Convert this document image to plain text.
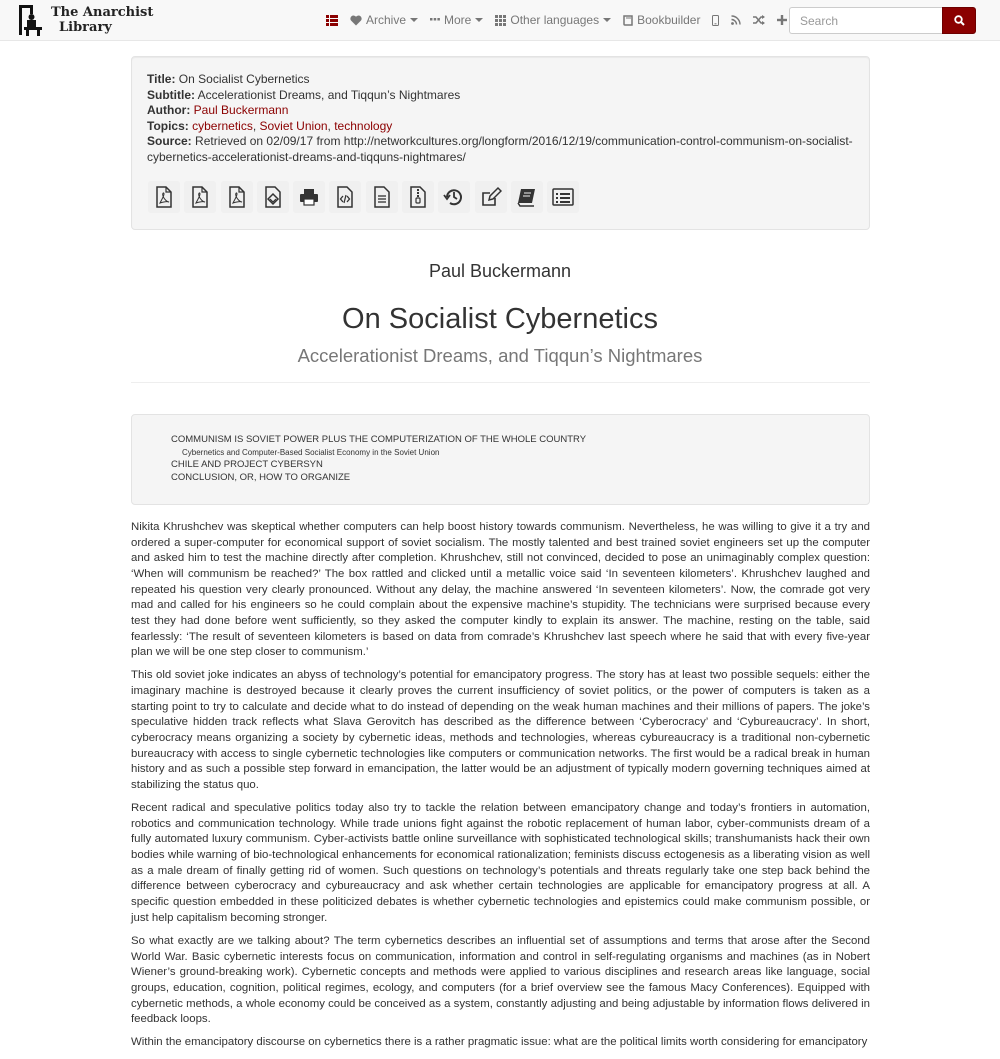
The Anarchist
Library	Archive	More	Other languages	Bookbuilder
Search
Title: On Socialist Cybernetics
Subtitle: Accelerationist Dreams, and Tiqqun’s Nightmares
Author: Paul Buckermann
Topics: cybernetics, Soviet Union, technology
Source: Retrieved on 02/09/17 from http://networkcultures.org/longform/2016/12/19/communication-control-communism-on-socialist-cybernetics-accelerationist-dreams-and-tiqquns-nightmares/
Paul Buckermann
On Socialist Cybernetics
Accelerationist Dreams, and Tiqqun’s Nightmares
COMMUNISM IS SOVIET POWER PLUS THE COMPUTERIZATION OF THE WHOLE COUNTRY
Cybernetics and Computer-Based Socialist Economy in the Soviet Union
CHILE AND PROJECT CYBERSYN
CONCLUSION, OR, HOW TO ORGANIZE

Nikita Khrushchev was skeptical whether computers can help boost history towards communism. Nevertheless, he was willing to give it a try and ordered a super-computer for economical support of soviet socialism. The mostly talented and best trained soviet engineers set up the computer and asked him to test the machine directly after completion. Khrushchev, still not convinced, decided to pose an unimaginably complex question: ‘When will communism be reached?’ The box rattled and clicked until a metallic voice said ‘In seventeen kilometers’. Khrushchev laughed and repeated his question very clearly pronounced. Without any delay, the machine answered ‘In seventeen kilometers’. Now, the comrade got very mad and called for his engineers so he could complain about the expensive machine’s stupidity. The technicians were surprised because every test they had done before went sufficiently, so they asked the computer kindly to explain its answer. The machine, resting on the table, said fearlessly: ‘The result of seventeen kilometers is based on data from comrade’s Khrushchev last speech where he said that with every five-year plan we will be one step closer to communism.’

This old soviet joke indicates an abyss of technology’s potential for emancipatory progress. The story has at least two possible sequels: either the imaginary machine is destroyed because it clearly proves the current insufficiency of soviet politics, or the power of computers is taken as a starting point to try to calculate and decide what to do instead of depending on the weak human machines and their millions of papers. The joke’s speculative hidden track reflects what Slava Gerovitch has described as the difference between ‘Cyberocracy’ and ‘Cybureaucracy’. In short, cyberocracy means organizing a society by cybernetic ideas, methods and technologies, whereas cybureaucracy is a traditional non-cybernetic bureaucracy with access to single cybernetic technologies like computers or communication networks. The first would be a radical break in human history and as such a possible step forward in emancipation, the latter would be an adjustment of typically modern governing techniques aimed at stabilizing the status quo.

Recent radical and speculative politics today also try to tackle the relation between emancipatory change and today’s frontiers in automation, robotics and communication technology. While trade unions fight against the robotic replacement of human labor, cyber-communists dream of a fully automated luxury communism. Cyber-activists battle online surveillance with sophisticated technological skills; transhumanists hack their own bodies while warning of bio-technological enhancements for economical rationalization; feminists discuss ectogenesis as a liberating vision as well as a male dream of finally getting rid of women. Such questions on technology’s potentials and threats regularly take one step back behind the difference between cyberocracy and cybureaucracy and ask whether certain technologies are applicable for emancipatory progress at all. A specific question embedded in these politicized debates is whether cybernetic technologies and epistemics could make communism possible, or just help capitalism becoming stronger.

So what exactly are we talking about? The term cybernetics describes an influential set of assumptions and terms that arose after the Second World War. Basic cybernetic interests focus on communication, information and control in self-regulating organisms and machines (as in Nobert Wiener’s ground-breaking work). Cybernetic concepts and methods were applied to various disciplines and research areas like language, social groups, education, cognition, political regimes, ecology, and computers (for a brief overview see the famous Macy Conferences). Equipped with cybernetic methods, a whole economy could be conceived as a system, constantly adjusting and being adjustable by information flows delivered in feedback loops.

Within the emancipatory discourse on cybernetics there is a rather pragmatic issue: what are the political limits worth considering for emancipatory
